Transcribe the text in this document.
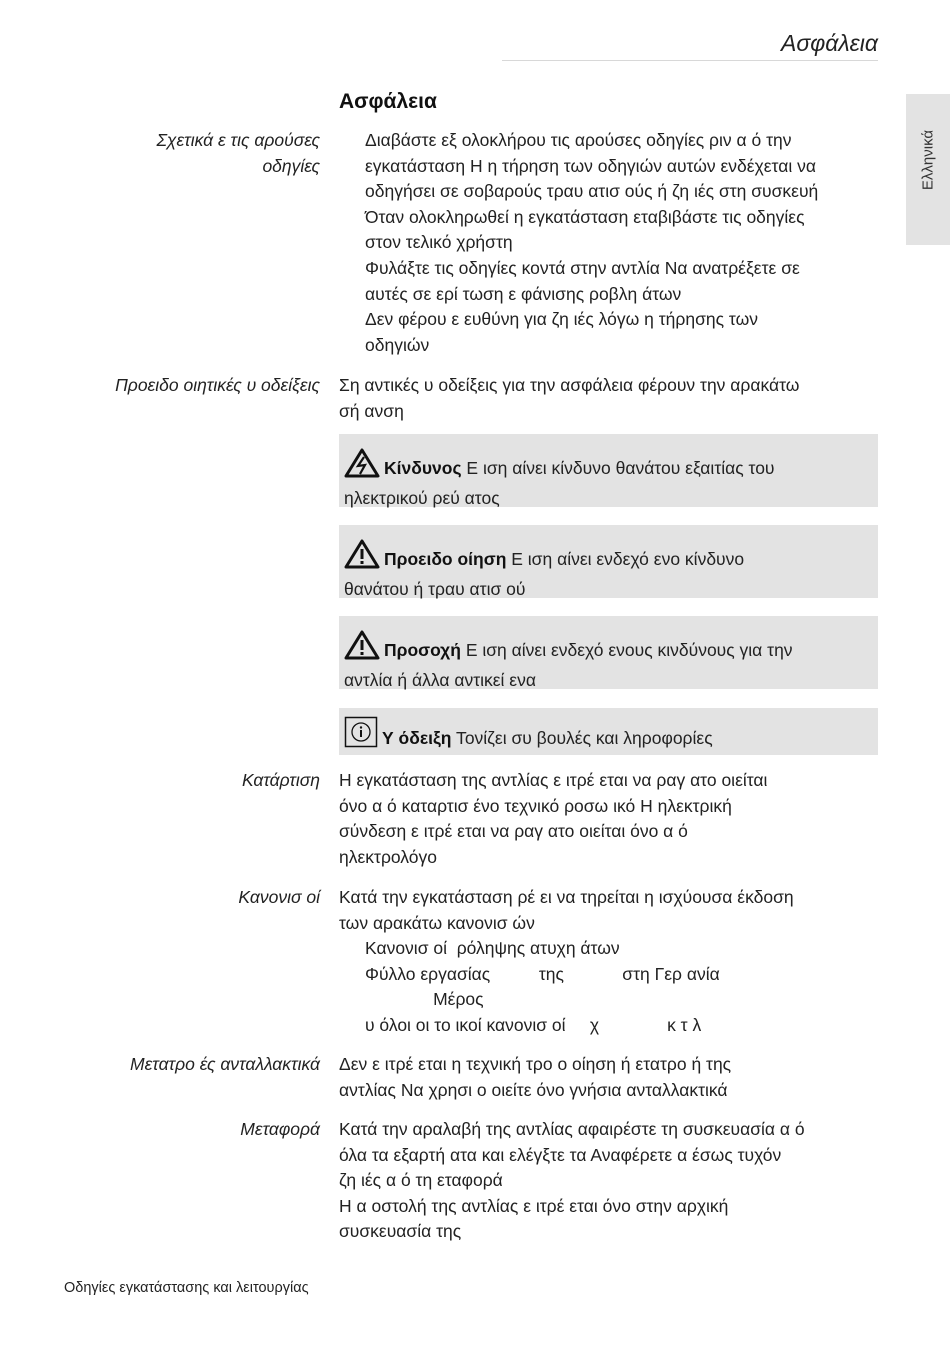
Ασφάλεια
Ελληνικά
Ασφάλεια
Σχετικά ε τις αρούσες οδηγίες

Διαβάστε εξ ολοκλήρου τις αρούσες οδηγίες ριν α ό την

εγκατάσταση Η η τήρηση των οδηγιών αυτών ενδέχεται να

οδηγήσει σε σοβαρούς τραυ ατισ ούς ή ζη ιές στη συσκευή

Όταν ολοκληρωθεί η εγκατάσταση εταβιβάστε τις οδηγίες

στον τελικό χρήστη

Φυλάξτε τις οδηγίες κοντά στην αντλία Να ανατρέξετε σε

αυτές σε ερί τωση ε φάνισης ροβλη άτων

Δεν φέρου ε ευθύνη για ζη ιές λόγω η τήρησης των

οδηγιών

Προειδο οιητικές υ οδείξεις Ση αντικές υ οδείξεις για την ασφάλεια φέρουν την αρακάτω

σή ανση

Κίνδυνος Ε ιση αίνει κίνδυνο θανάτου εξαιτίας του
ηλεκτρικού ρεύ ατος
Προειδο οίηση Ε ιση αίνει ενδεχό ενο κίνδυνο
θανάτου ή τραυ ατισ ού
Προσοχή Ε ιση αίνει ενδεχό ενους κινδύνους για την
αντλία ή άλλα αντικεί ενα
Υ όδειξη Τονίζει συ βουλές και ληροφορίες
Κατάρτιση Η εγκατάσταση της αντλίας ε ιτρέ εται να ραγ ατο οιείται

όνο α ό καταρτισ ένο τεχνικό ροσω ικό Η ηλεκτρική

σύνδεση ε ιτρέ εται να ραγ ατο οιείται όνο α ό

ηλεκτρολόγο

Κανονισ οί Κατά την εγκατάσταση ρέ ει να τηρείται η ισχύουσα έκδοση

των αρακάτω κανονισ ών

Κανονισ οί  ρόληψης ατυχη άτων

Φύλλο εργασίας          της            στη Γερ ανία

Μέρος

υ όλοι οι το ικοί κανονισ οί     χ              κ τ λ

Μετατρο ές ανταλλακτικά Δεν ε ιτρέ εται η τεχνική τρο ο οίηση ή ετατρο ή της

αντλίας Να χρησι ο οιείτε όνο γνήσια ανταλλακτικά

Μεταφορά Κατά την αραλαβή της αντλίας αφαιρέστε τη συσκευασία α ό

όλα τα εξαρτή ατα και ελέγξτε τα Αναφέρετε α έσως τυχόν

ζη ιές α ό τη εταφορά

Η α οστολή της αντλίας ε ιτρέ εται όνο στην αρχική

συσκευασία της

Οδηγίες εγκατάστασης και λειτουργίας
